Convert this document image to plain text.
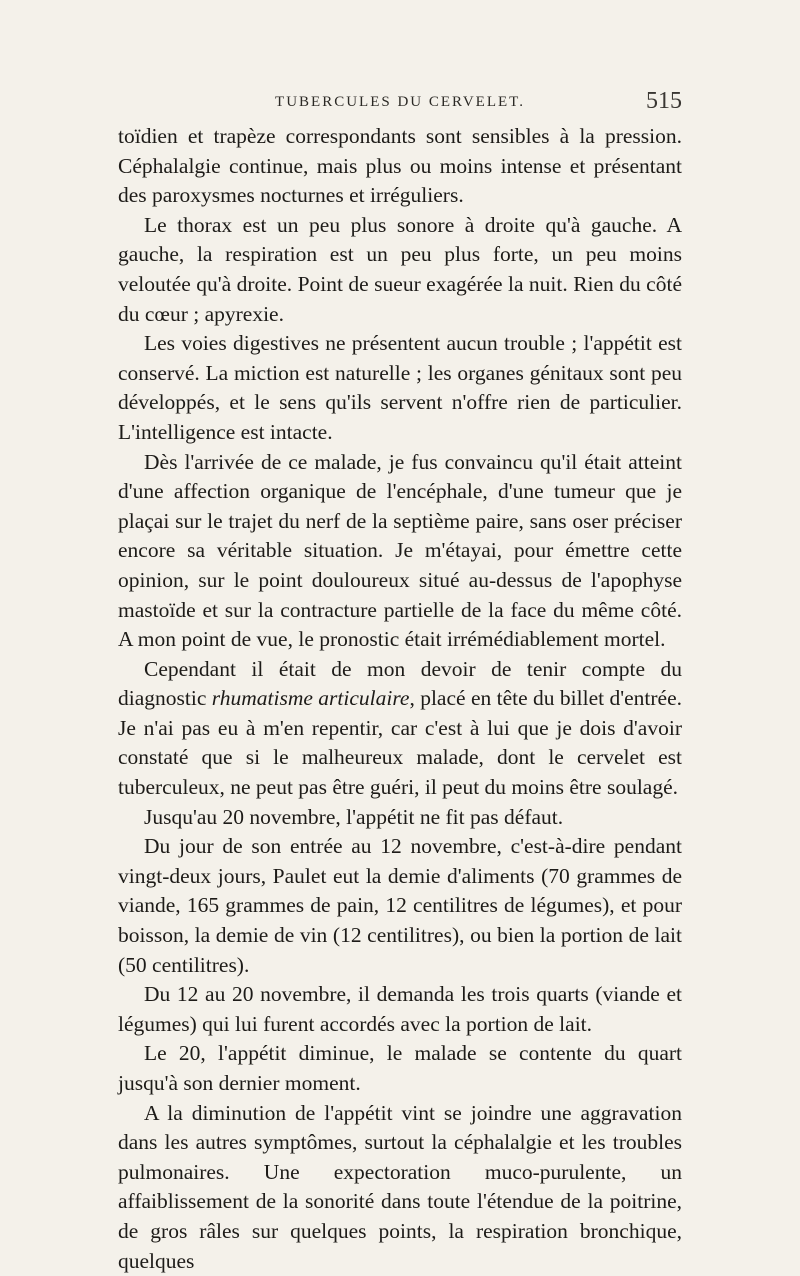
TUBERCULES DU CERVELET.	515

toïdien et trapèze correspondants sont sensibles à la pression. Céphalalgie continue, mais plus ou moins intense et présentant des paroxysmes nocturnes et irréguliers.

Le thorax est un peu plus sonore à droite qu'à gauche. A gauche, la respiration est un peu plus forte, un peu moins veloutée qu'à droite. Point de sueur exagérée la nuit. Rien du côté du cœur ; apyrexie.

Les voies digestives ne présentent aucun trouble ; l'appétit est conservé. La miction est naturelle ; les organes génitaux sont peu développés, et le sens qu'ils servent n'offre rien de particulier. L'intelligence est intacte.

Dès l'arrivée de ce malade, je fus convaincu qu'il était atteint d'une affection organique de l'encéphale, d'une tumeur que je plaçai sur le trajet du nerf de la septième paire, sans oser préciser encore sa véritable situation. Je m'étayai, pour émettre cette opinion, sur le point douloureux situé au-dessus de l'apophyse mastoïde et sur la contracture partielle de la face du même côté. A mon point de vue, le pronostic était irrémédiablement mortel.

Cependant il était de mon devoir de tenir compte du diagnostic rhumatisme articulaire, placé en tête du billet d'entrée. Je n'ai pas eu à m'en repentir, car c'est à lui que je dois d'avoir constaté que si le malheureux malade, dont le cervelet est tuberculeux, ne peut pas être guéri, il peut du moins être soulagé.

Jusqu'au 20 novembre, l'appétit ne fit pas défaut.

Du jour de son entrée au 12 novembre, c'est-à-dire pendant vingt-deux jours, Paulet eut la demie d'aliments (70 grammes de viande, 165 grammes de pain, 12 centilitres de légumes), et pour boisson, la demie de vin (12 centilitres), ou bien la portion de lait (50 centilitres).

Du 12 au 20 novembre, il demanda les trois quarts (viande et légumes) qui lui furent accordés avec la portion de lait.

Le 20, l'appétit diminue, le malade se contente du quart jusqu'à son dernier moment.

A la diminution de l'appétit vint se joindre une aggravation dans les autres symptômes, surtout la céphalalgie et les troubles pulmonaires. Une expectoration muco-purulente, un affaiblissement de la sonorité dans toute l'étendue de la poitrine, de gros râles sur quelques points, la respiration bronchique, quelques
